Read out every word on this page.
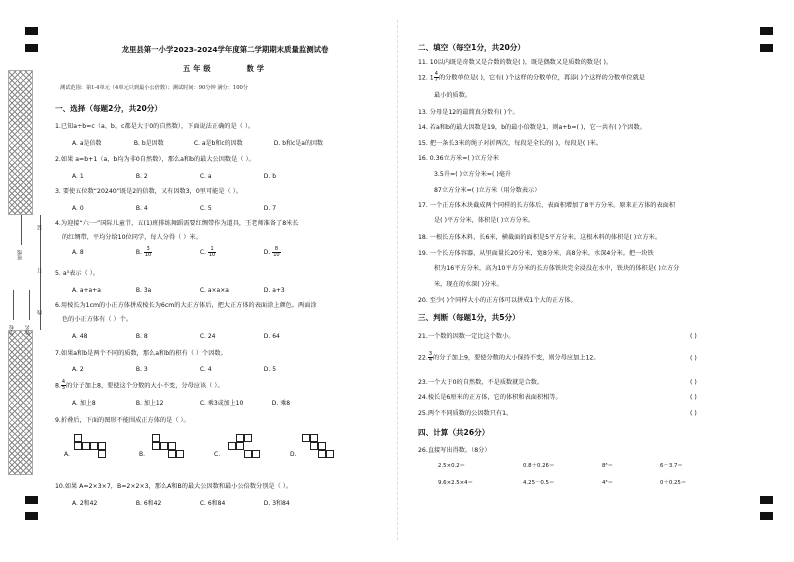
学校
班级
姓名
装
订
线
龙里县第一小学2023-2024学年度第二学期期末质量监测试卷
五年级	数学
测试范围：第1-4单元（4单元只到最小公倍数）；测试时间：90分钟 满分：100分
一、选择（每题2分，共20分）
1.已知a÷b=c（a、b、c都是大于0的自然数），下面说法正确的是（ ）。
A. a是倍数	B. b是因数	C. a是b和c的因数	D. b和c是a的因数
2.如果 a=b+1（a，b均为非0自然数），那么a和b的最大公因数是（ ）。
A. 1	B. 2	C. a	D. b
3. 要使五位数“20240”既是2的倍数，又有因数3，0里可能是（ ）。
A. 0	B. 4	C. 5	D. 7
4.为迎接“六·一”国际儿童节，五(1)班排练舞蹈需要红绸带作为道具，王老师准备了8米长
的红绸带，平均分给10位同学，每人分得（ ）米。
A. 8	B. $\frac{3}{10}$	C. $\frac{1}{10}$	D. $\frac{8}{10}$
5. a³表示（ ）。
A. a+a+a	B. 3a	C. a×a×a	D. a+3
6.用棱长为1cm的小正方体拼成棱长为6cm的大正方体后，把大正方体的表面涂上颜色。两面涂
色的小正方体有（ ）个。
A. 48	B. 8	C. 24	D. 64
7.如果a和b是两个不同的质数，那么a和b的积有（ ）个因数。
A. 2	B. 3	C. 4	D. 5
8. $\frac{4}{5}$ 的分子加上8，要使这个分数的大小不变，分母应该（ ）。
A. 加上8	B. 加上12	C. 乘3或加上10	D. 乘8
9.折叠后，下面的图形不能围成正方体的是（ ）。
A.	B.	C.	D.
10.如果 A=2×3×7，B=2×2×3，那么A和B的最大公因数和最小公倍数分别是（ ）。
A. 2和42	B. 6和42	C. 6和84	D. 3和84
二、填空（每空1分，共20分）
11. 10以内既是奇数又是合数的数是( )，既是偶数又是质数的数是( )。
12. $1 \frac{4}{7}$ 的分数单位是( )，它有( )个这样的分数单位，再添( )个这样的分数单位就是
最小的质数。
13. 分母是12的最简真分数有( )个。
14. 若a和b的最大因数是19，b的最小倍数是1，则a+b=( )，它一共有( )个因数。
15. 把一条长3米的绳子对折两次，每段是全长的( )，每段是( )米。
16. 0.36立方米=( )立方分米
3.5升=( )立方分米=( )毫升
87立方分米=( )立方米（用分数表示）
17. 一个正方体木块截成两个同样的长方体后，表面积增加了8平方分米。原来正方体的表面积
是( )平方分米，体积是( )立方分米。
18. 一根长方体木料，长6米，横截面的面积是5平方分米。这根木料的体积是( )立方米。
19. 一个长方体容器，从里面量长20分米，宽8分米，高8分米，水深4分米。把一块铁
积为16平方分米，高为10平方分米的长方体铁块完全浸没在水中，铁块的体积是( )立方分
米，现在的水深( )分米。
20. 至少( )个同样大小的正方体可以拼成1个大的正方体。
三、判断（每题1分，共5分）
21.一个数的因数一定比这个数小。	( )
22. $\frac{3}{4}$ 的分子加上9，要使分数的大小保持不变，则分母应加上12。	( )
23.一个大于0的自然数，不是质数就是合数。	( )
24.棱长是6厘米的正方体，它的体积和表面积相等。	( )
25.两个不同质数的公因数只有1。	( )
四、计算（共26分）
26.直接写出得数。（8分）
2.5×0.2＝	0.8＋0.26＝	8³＝	6－3.7＝
9.6×2.5×4＝	4.25－0.5＝	4³＝	0＋0.25＝
